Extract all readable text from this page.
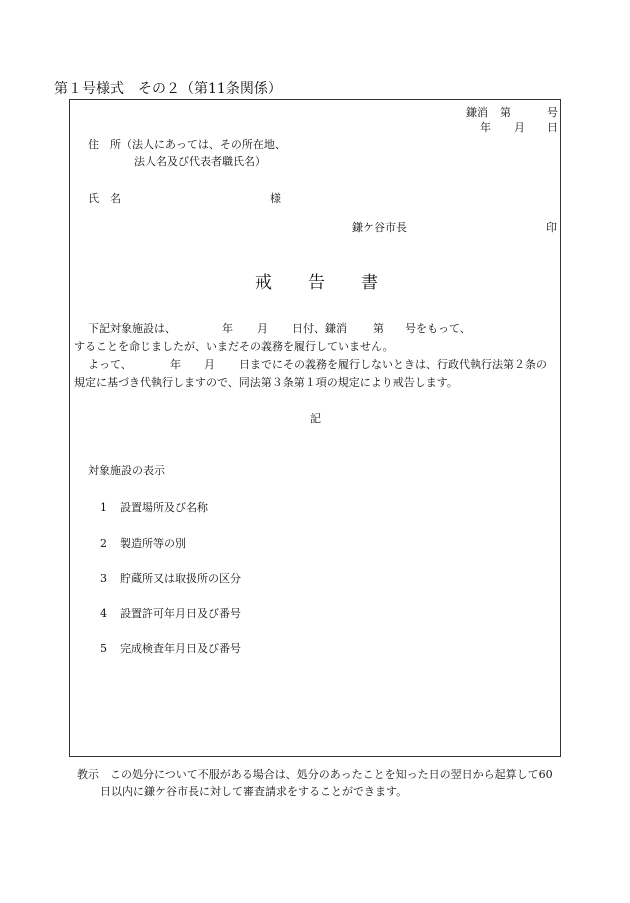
第１号様式　その２（第11条関係）
鎌消 第	号
年 月 日
住　所（法人にあっては、その所在地、
法人名及び代表者職氏名）
氏　名	様
鎌ケ谷市長	印
戒 告 書
下記対象施設は、	年 月 日付、鎌消 第 号をもって、
することを命じましたが、いまだその義務を履行していません。
よって、	年 月 日までにその義務を履行しないときは、行政代執行法第２条の
規定に基づき代執行しますので、同法第３条第１項の規定により戒告します。
記
対象施設の表示
1 設置場所及び名称
2 製造所等の別
3 貯蔵所又は取扱所の区分
4 設置許可年月日及び番号
5 完成検査年月日及び番号
教示　この処分について不服がある場合は、処分のあったことを知った日の翌日から起算して60
日以内に鎌ケ谷市長に対して審査請求をすることができます。
